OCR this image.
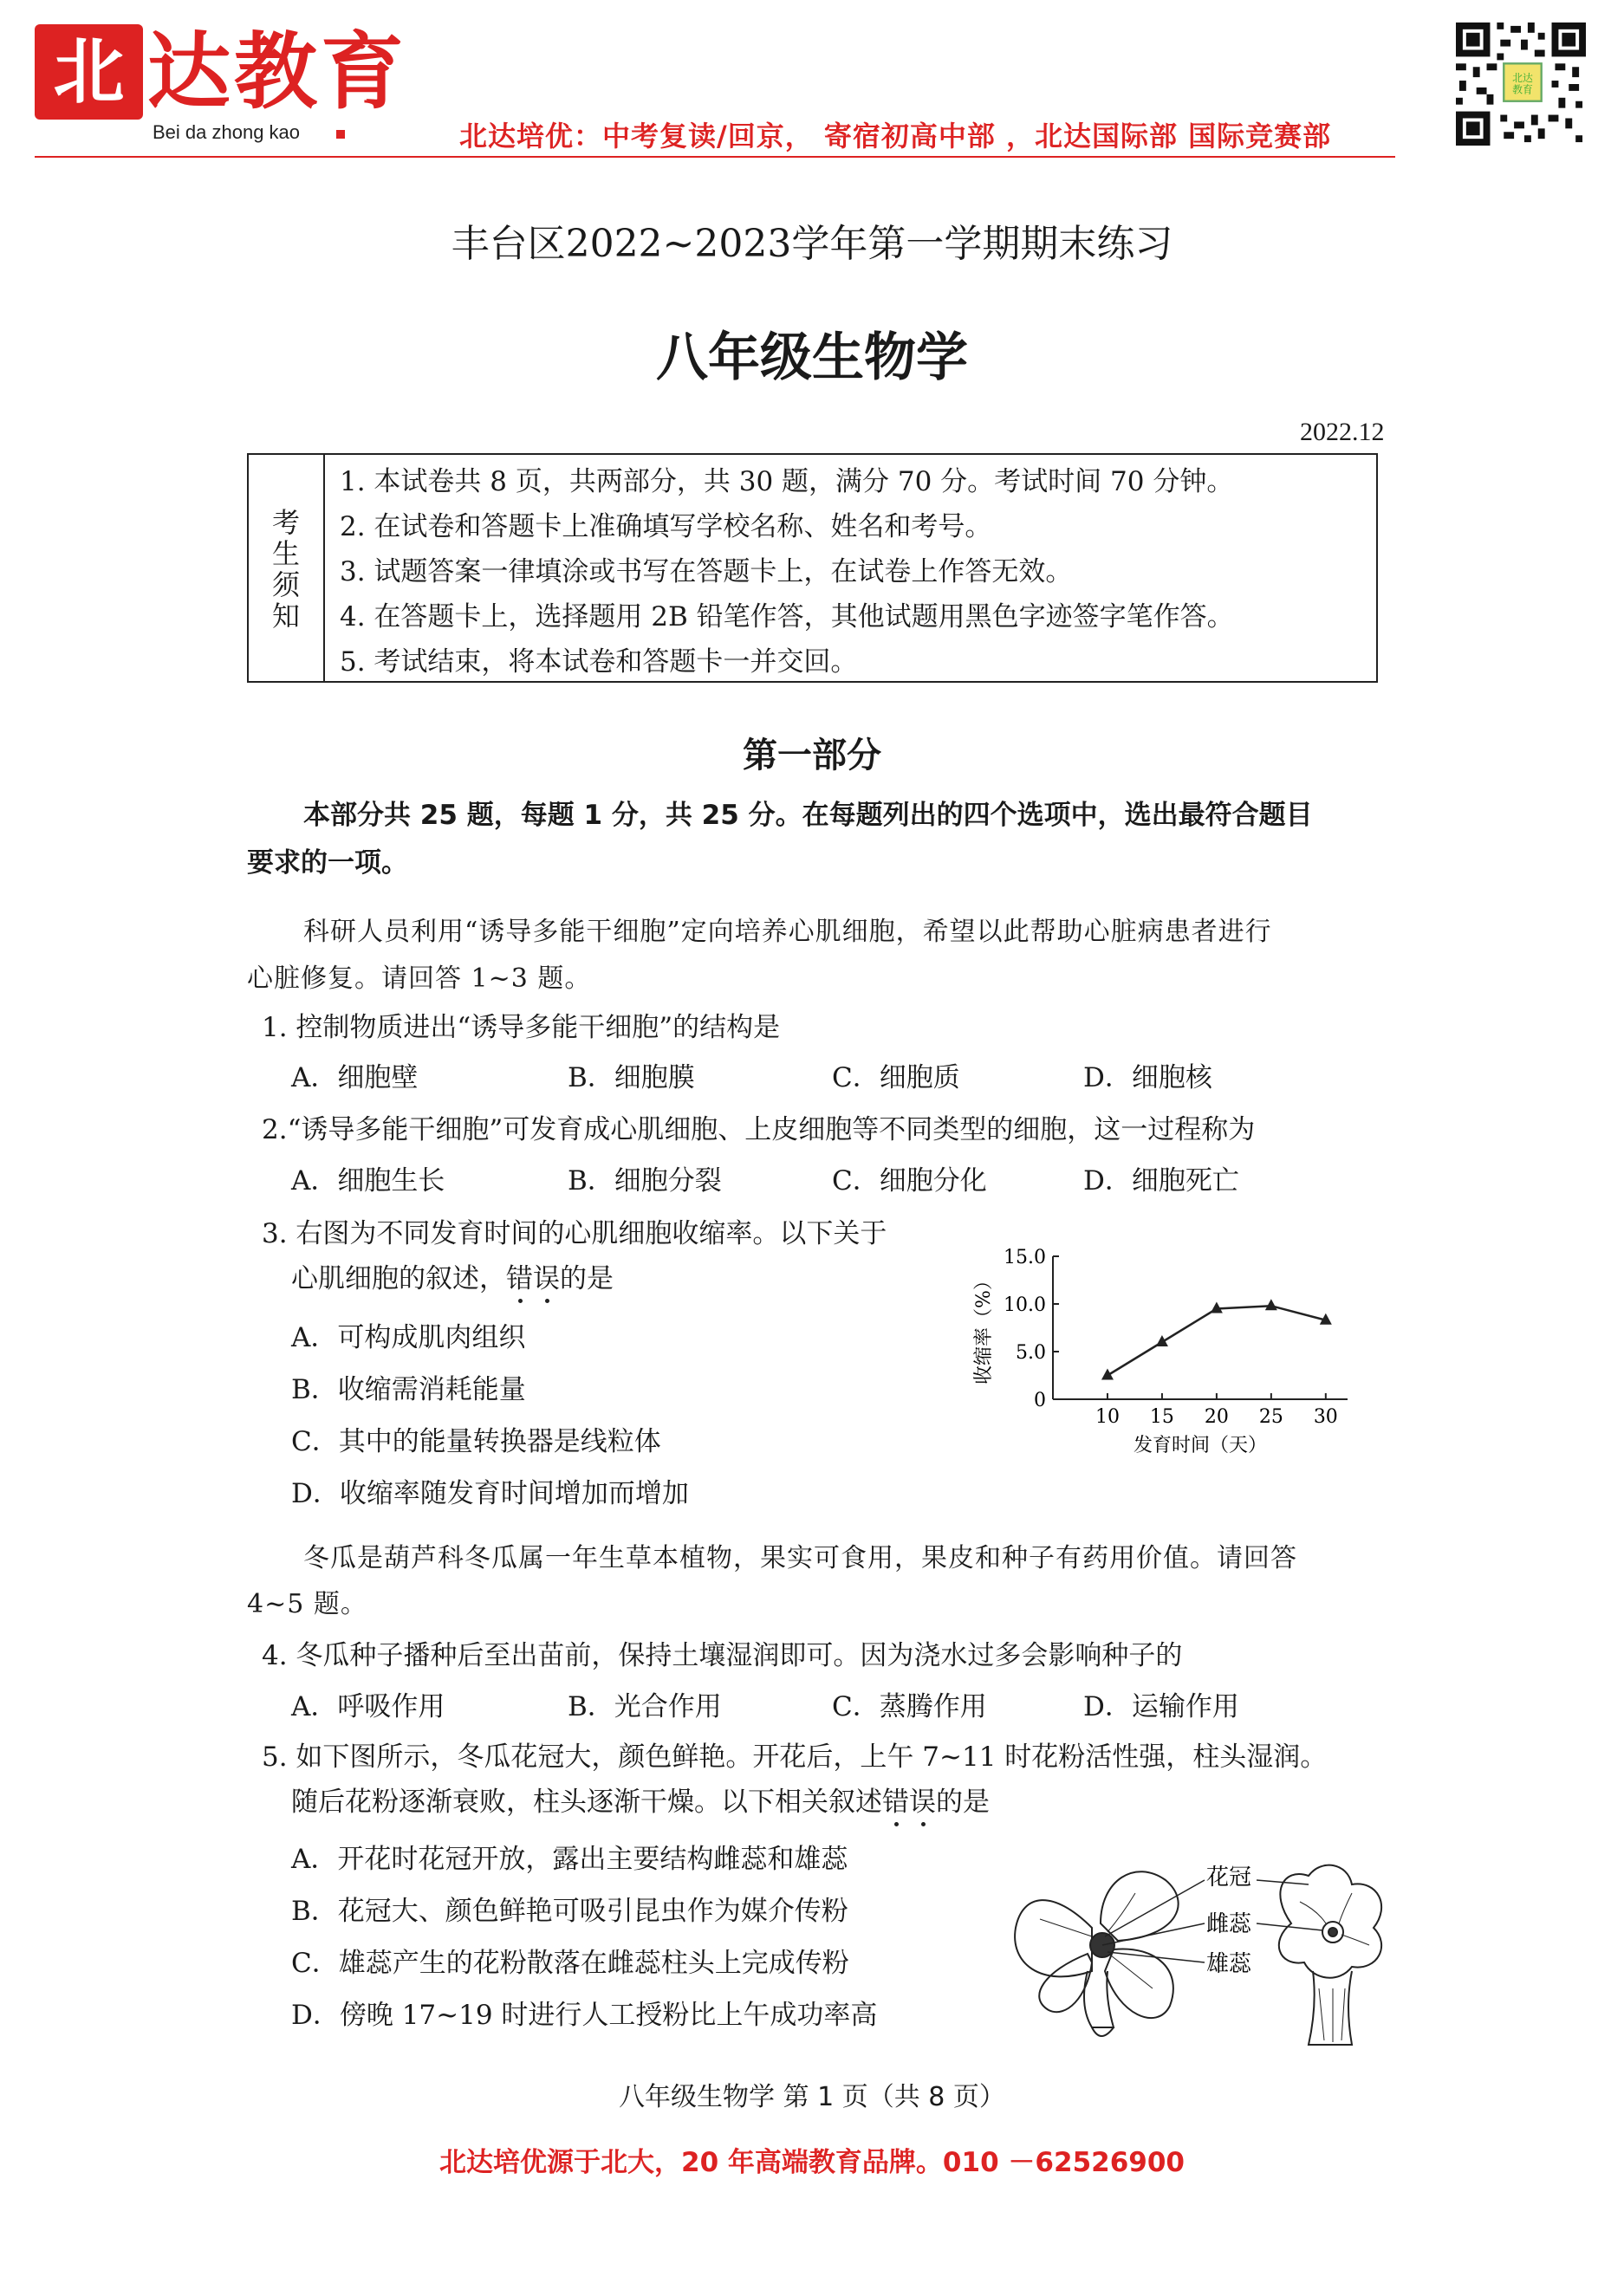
北 达教育
Bei da zhong kao	北达培优：中考复读/回京， 寄宿初高中部 ，北达国际部 国际竞赛部
北达
教育
丰台区2022~2023学年第一学期期末练习
八年级生物学
2022.12
考
生
须
知
1. 本试卷共 8 页，共两部分，共 30 题，满分 70 分。考试时间 70 分钟。
2. 在试卷和答题卡上准确填写学校名称、姓名和考号。
3. 试题答案一律填涂或书写在答题卡上，在试卷上作答无效。
4. 在答题卡上，选择题用 2B 铅笔作答，其他试题用黑色字迹签字笔作答。
5. 考试结束，将本试卷和答题卡一并交回。
第一部分
本部分共 25 题，每题 1 分，共 25 分。在每题列出的四个选项中，选出最符合题目
要求的一项。
科研人员利用“诱导多能干细胞”定向培养心肌细胞，希望以此帮助心脏病患者进行
心脏修复。请回答 1~3 题。
1. 控制物质进出“诱导多能干细胞”的结构是
A．细胞壁	B．细胞膜	C．细胞质	D．细胞核
2.“诱导多能干细胞”可发育成心肌细胞、上皮细胞等不同类型的细胞，这一过程称为
A．细胞生长	B．细胞分裂	C．细胞分化	D．细胞死亡
3. 右图为不同发育时间的心肌细胞收缩率。以下关于
心肌细胞的叙述，错误的是
A．可构成肌肉组织
B．收缩需消耗能量
C．其中的能量转换器是线粒体
D．收缩率随发育时间增加而增加
0
5.0
10.0
15.0
10 15 20 25 30
发育时间（天）
收缩率（%）
冬瓜是葫芦科冬瓜属一年生草本植物，果实可食用，果皮和种子有药用价值。请回答
4~5 题。
4. 冬瓜种子播种后至出苗前，保持土壤湿润即可。因为浇水过多会影响种子的
A．呼吸作用	B．光合作用	C．蒸腾作用	D．运输作用
5. 如下图所示，冬瓜花冠大，颜色鲜艳。开花后，上午 7~11 时花粉活性强，柱头湿润。
随后花粉逐渐衰败，柱头逐渐干燥。以下相关叙述错误的是
A．开花时花冠开放，露出主要结构雌蕊和雄蕊
B．花冠大、颜色鲜艳可吸引昆虫作为媒介传粉
C．雄蕊产生的花粉散落在雌蕊柱头上完成传粉
D．傍晚 17~19 时进行人工授粉比上午成功率高
花冠
雌蕊
雄蕊
八年级生物学 第 1 页（共 8 页）
北达培优源于北大，20 年高端教育品牌。010 －62526900
